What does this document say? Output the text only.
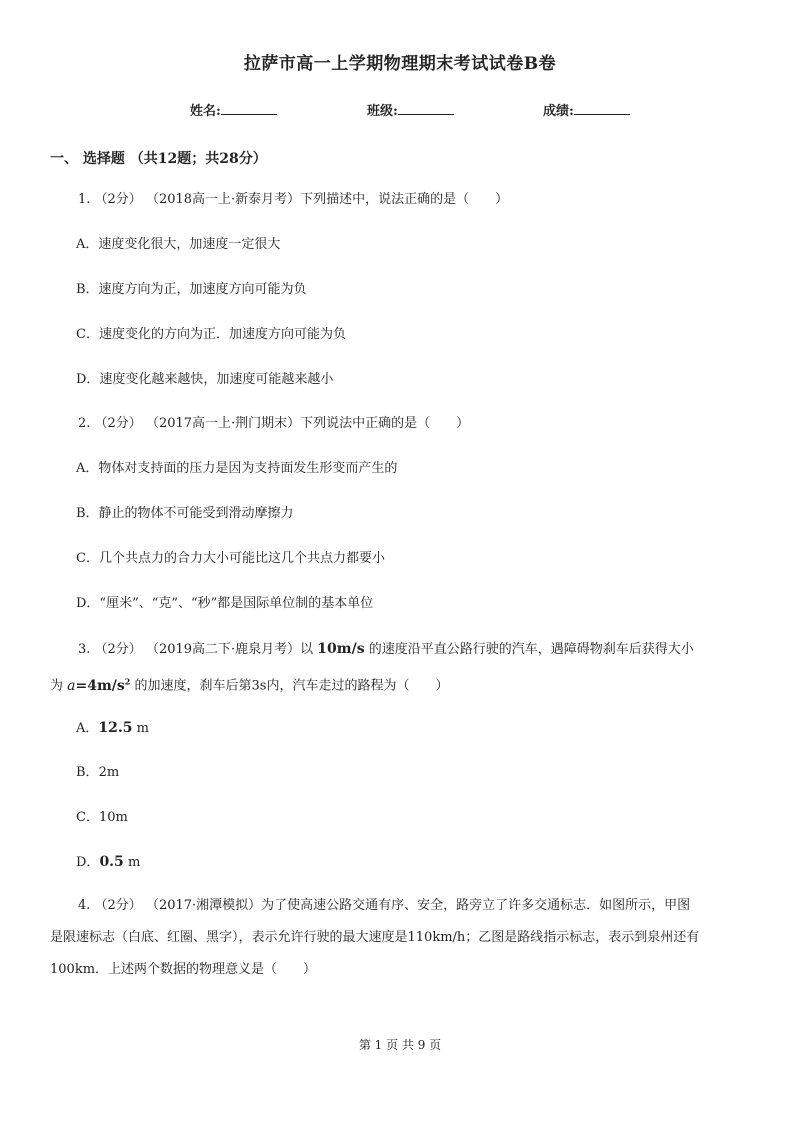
拉萨市高一上学期物理期末考试试卷B卷
姓名:	班级:	成绩:
一、 选择题 （共12题；共28分）
1. （2分） （2018高一上·新泰月考）下列描述中，说法正确的是（　　）
A．速度变化很大，加速度一定很大
B．速度方向为正，加速度方向可能为负
C．速度变化的方向为正．加速度方向可能为负
D．速度变化越来越快，加速度可能越来越小
2. （2分） （2017高一上·荆门期末）下列说法中正确的是（　　）
A．物体对支持面的压力是因为支持面发生形变而产生的
B．静止的物体不可能受到滑动摩擦力
C．几个共点力的合力大小可能比这几个共点力都要小
D．“厘米”、“克”、“秒”都是国际单位制的基本单位
3. （2分） （2019高二下·鹿泉月考）以 10m/s 的速度沿平直公路行驶的汽车，遇障碍物刹车后获得大小
为 $a=4m/s^2$ 的加速度，刹车后第3s内，汽车走过的路程为（　　）
A．12.5 m
B．2m
C．10m
D．0.5 m
4. （2分） （2017·湘潭模拟）为了使高速公路交通有序、安全，路旁立了许多交通标志．如图所示，甲图
是限速标志（白底、红圈、黑字），表示允许行驶的最大速度是110km/h；乙图是路线指示标志，表示到泉州还有
100km．上述两个数据的物理意义是（　　）
第 1 页 共 9 页
